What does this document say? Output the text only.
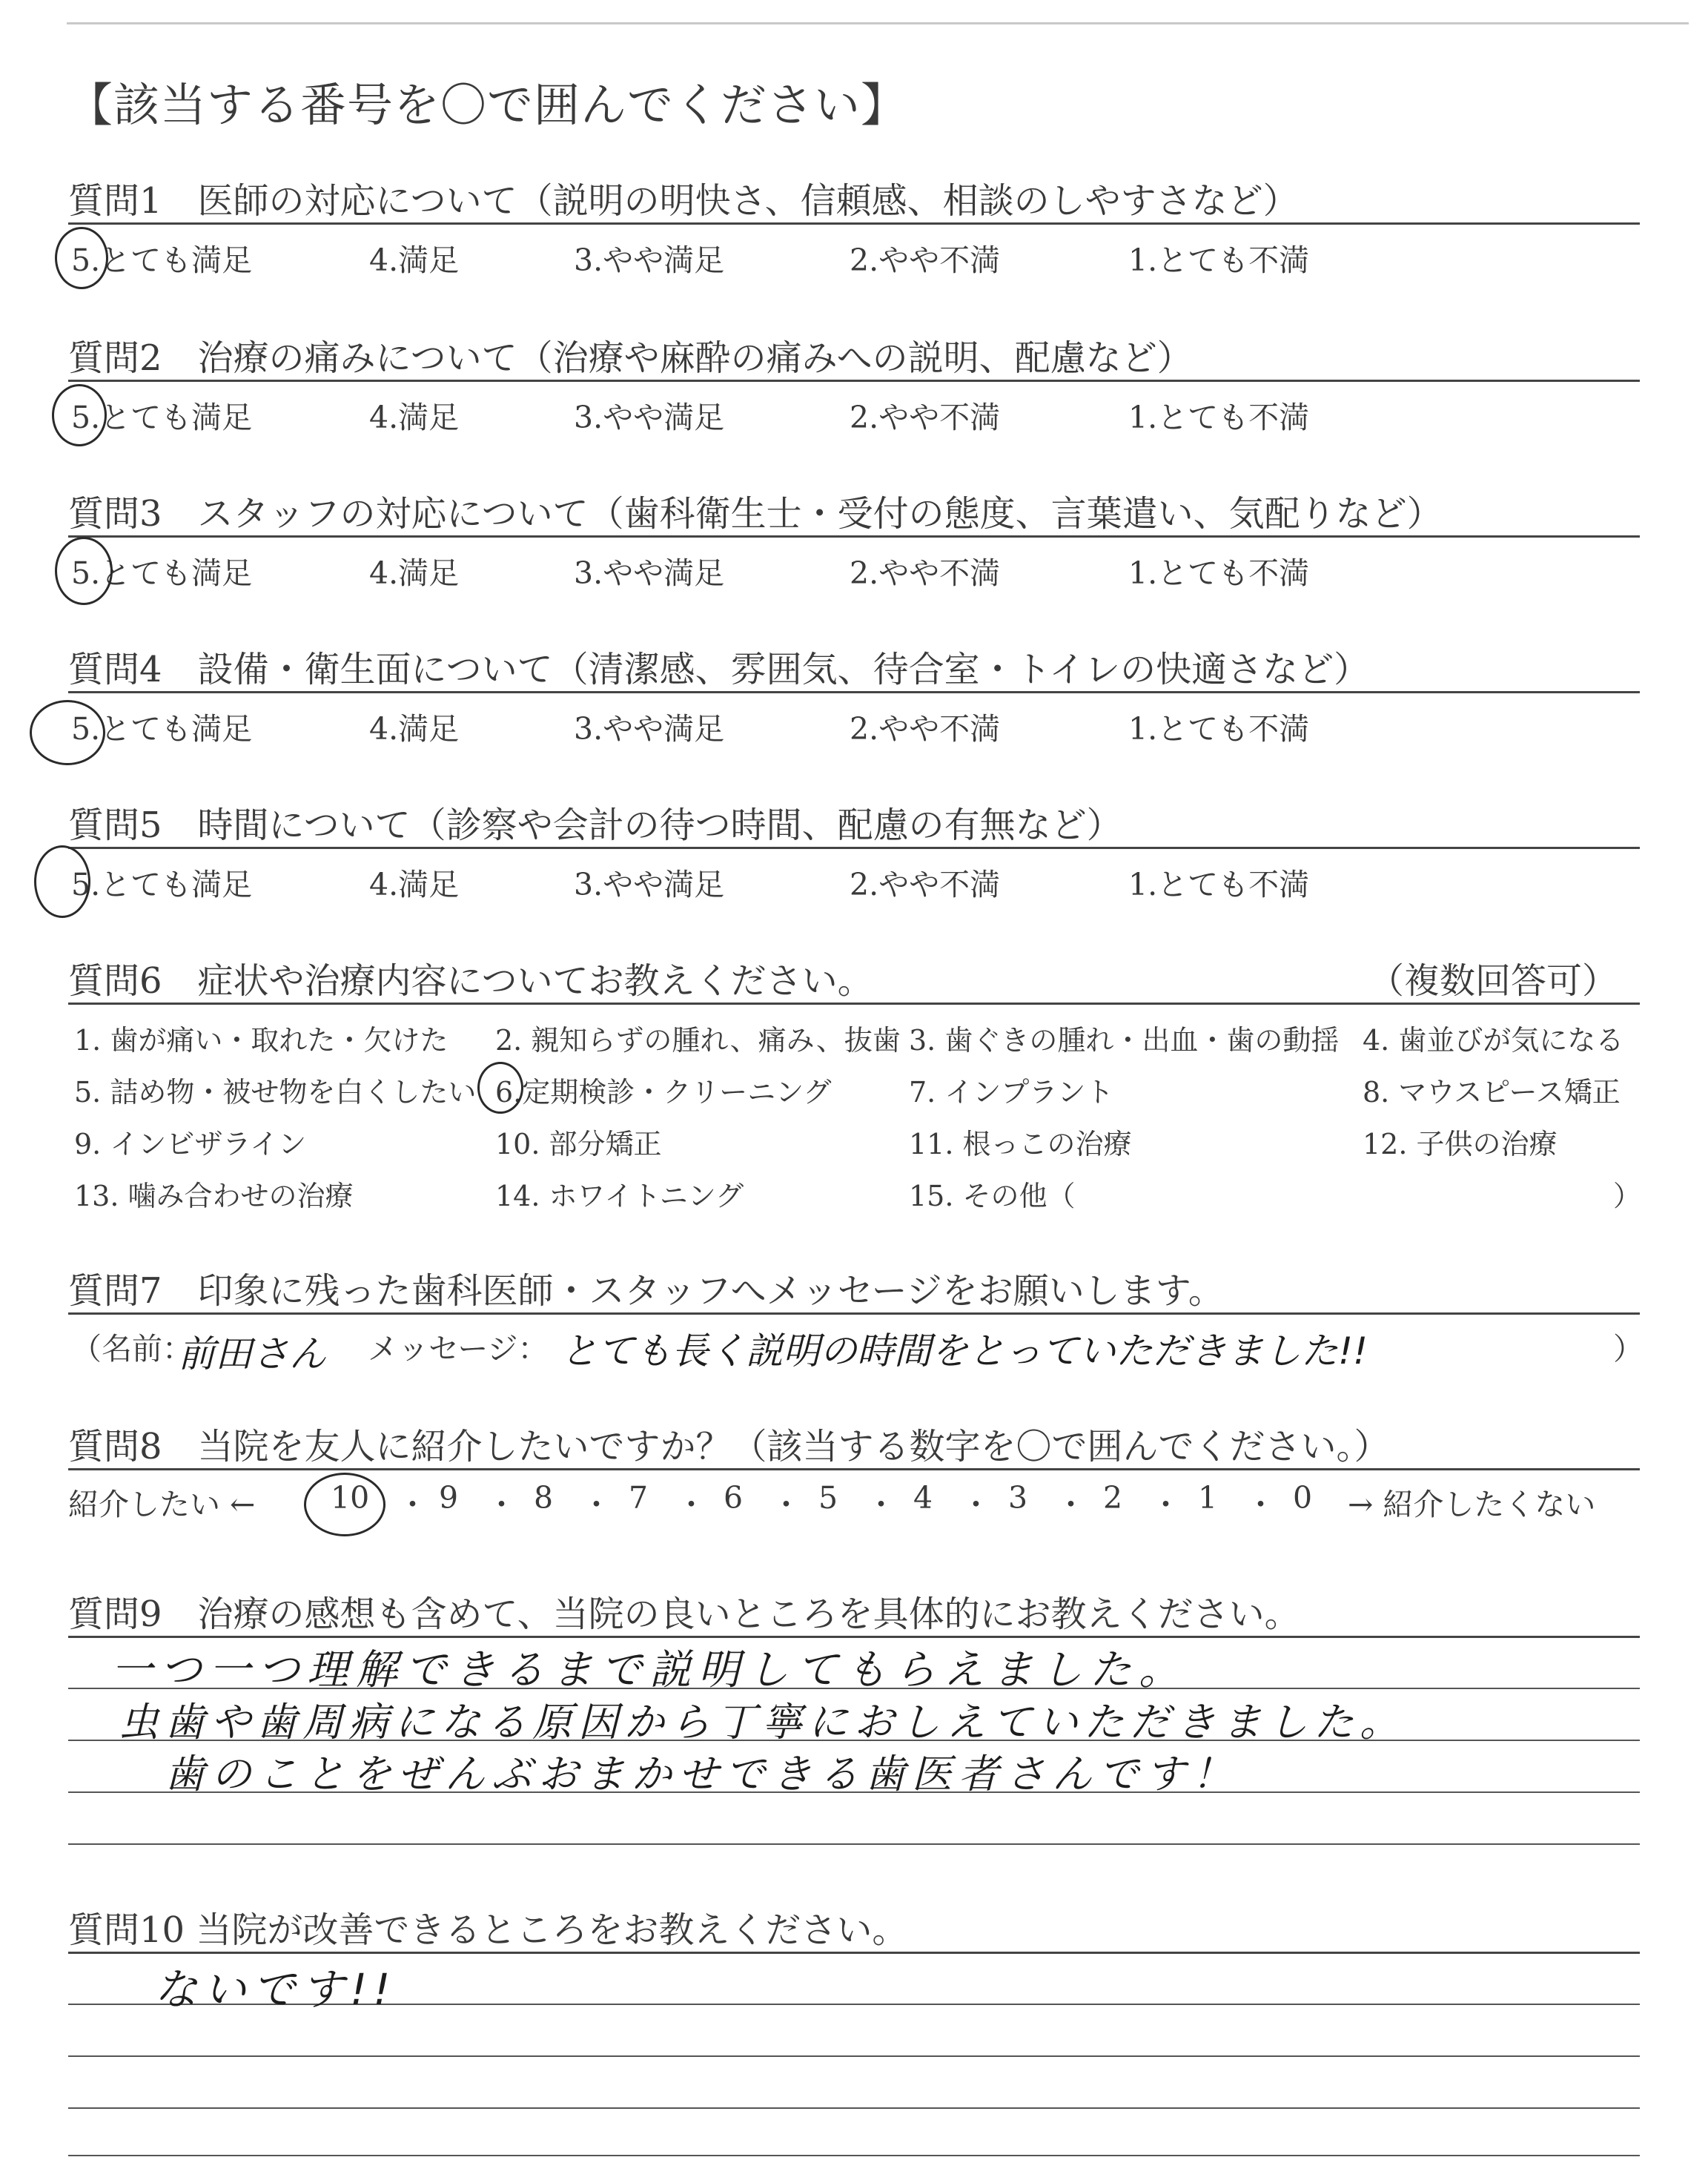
【該当する番号を〇で囲んでください】
質問1　医師の対応について（説明の明快さ、信頼感、相談のしやすさなど）
5.とても満足	4.満足	3.やや満足	2.やや不満	1.とても不満
質問2　治療の痛みについて（治療や麻酔の痛みへの説明、配慮など）
5.とても満足	4.満足	3.やや満足	2.やや不満	1.とても不満
質問3　スタッフの対応について（歯科衛生士・受付の態度、言葉遣い、気配りなど）
5.とても満足	4.満足	3.やや満足	2.やや不満	1.とても不満
質問4　設備・衛生面について（清潔感、雰囲気、待合室・トイレの快適さなど）
5.とても満足	4.満足	3.やや満足	2.やや不満	1.とても不満
質問5　時間について（診察や会計の待つ時間、配慮の有無など）
5.とても満足	4.満足	3.やや満足	2.やや不満	1.とても不満
質問6　症状や治療内容についてお教えください。	（複数回答可）
1. 歯が痛い・取れた・欠けた 2. 親知らずの腫れ、痛み、抜歯 3. 歯ぐきの腫れ・出血・歯の動揺 4. 歯並びが気になる
5. 詰め物・被せ物を白くしたい 6.定期検診・クリーニング	7. インプラント	8. マウスピース矯正
9. インビザライン	10. 部分矯正	11. 根っこの治療	12. 子供の治療
13. 噛み合わせの治療	14. ホワイトニング	15. その他（	）
質問7　印象に残った歯科医師・スタッフへメッセージをお願いします。
（名前：
前田さん メッセージ： とても長く説明の時間をとっていただきました!!	）
質問8　当院を友人に紹介したいですか？（該当する数字を〇で囲んでください。）
紹介したい ← 10 ・ 9 ・ 8 ・ 7 ・ 6 ・ 5 ・ 4 ・ 3 ・ 2 ・ 1 ・ 0 → 紹介したくない
質問9　治療の感想も含めて、当院の良いところを具体的にお教えください。
一つ一つ理解できるまで説明してもらえました。
虫歯や歯周病になる原因から丁寧におしえていただきました。
歯のことをぜんぶおまかせできる歯医者さんです！
質問10 当院が改善できるところをお教えください。
ないです!!
